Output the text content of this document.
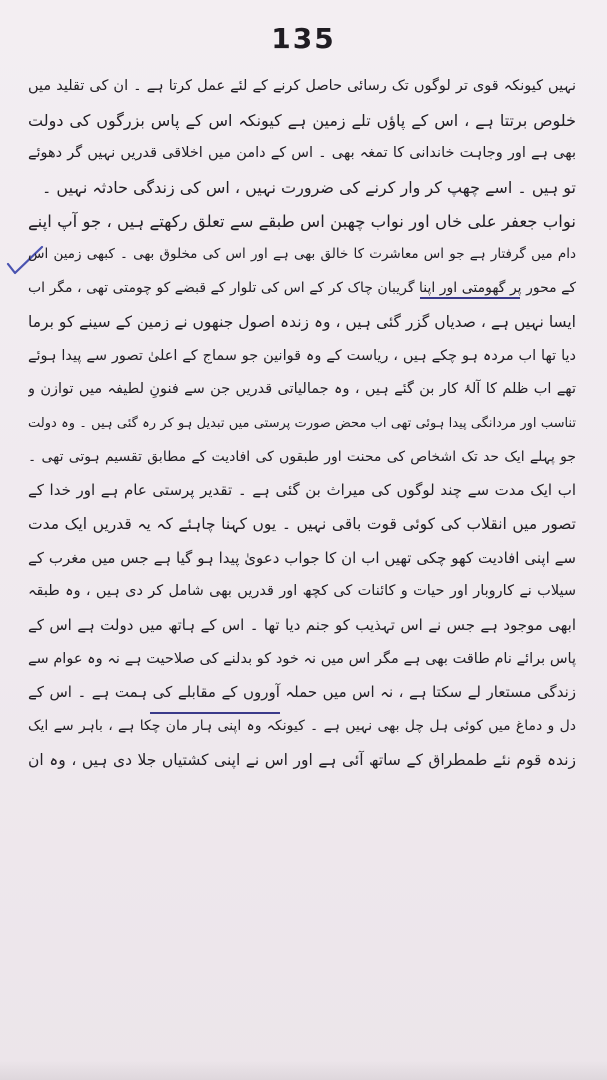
135
نہیں کیونکہ قوی تر لوگوں تک رسائی حاصل کرنے کے لئے عمل کرتا ہے ۔ ان کی تقلید میں
خلوص برتتا ہے ، اس کے پاؤں تلے زمین ہے کیونکہ اس کے پاس بزرگوں کی دولت
بھی ہے اور وجاہت خاندانی کا تمغہ بھی ۔ اس کے دامن میں اخلاقی قدریں نہیں گر دھوئے
تو ہیں ۔ اسے چھپ کر وار کرنے کی ضرورت نہیں ، اس کی زندگی حادثہ نہیں ۔
نواب جعفر علی خاں اور نواب چھبن اس طبقے سے تعلق رکھتے ہیں ، جو آپ اپنے
دام میں گرفتار ہے جو اس معاشرت کا خالق بھی ہے اور اس کی مخلوق بھی ۔ کبھی زمین اس
کے محور پر گھومتی اور اپنا گریبان چاک کر کے اس کی تلوار کے قبضے کو چومتی تھی ، مگر اب
ایسا نہیں ہے ، صدیاں گزر گئی ہیں ، وہ زندہ اصول جنھوں نے زمین کے سینے کو برما
دیا تھا اب مردہ ہو چکے ہیں ، ریاست کے وہ قوانین جو سماج کے اعلیٰ تصور سے پیدا ہوئے
تھے اب ظلم کا آلۂ کار بن گئے ہیں ، وہ جمالیاتی قدریں جن سے فنونِ لطیفہ میں توازن و
تناسب اور مردانگی پیدا ہوئی تھی اب محض صورت پرستی میں تبدیل ہو کر رہ گئی ہیں ۔ وہ دولت
جو پہلے ایک حد تک اشخاص کی محنت اور طبقوں کی افادیت کے مطابق تقسیم ہوتی تھی ۔
اب ایک مدت سے چند لوگوں کی میراث بن گئی ہے ۔ تقدیر پرستی عام ہے اور خدا کے
تصور میں انقلاب کی کوئی قوت باقی نہیں ۔ یوں کہنا چاہئے کہ یہ قدریں ایک مدت
سے اپنی افادیت کھو چکی تھیں اب ان کا جواب دعویٰ پیدا ہو گیا ہے جس میں مغرب کے
سیلاب نے کاروبار اور حیات و کائنات کی کچھ اور قدریں بھی شامل کر دی ہیں ، وہ طبقہ
ابھی موجود ہے جس نے اس تہذیب کو جنم دیا تھا ۔ اس کے ہاتھ میں دولت ہے اس کے
پاس برائے نام طاقت بھی ہے مگر اس میں نہ خود کو بدلنے کی صلاحیت ہے نہ وہ عوام سے
زندگی مستعار لے سکتا ہے ، نہ اس میں حملہ آوروں کے مقابلے کی ہمت ہے ۔ اس کے
دل و دماغ میں کوئی ہل چل بھی نہیں ہے ۔ کیونکہ وہ اپنی ہار مان چکا ہے ، باہر سے ایک
زندہ قوم نئے طمطراق کے ساتھ آئی ہے اور اس نے اپنی کشتیاں جلا دی ہیں ، وہ ان
